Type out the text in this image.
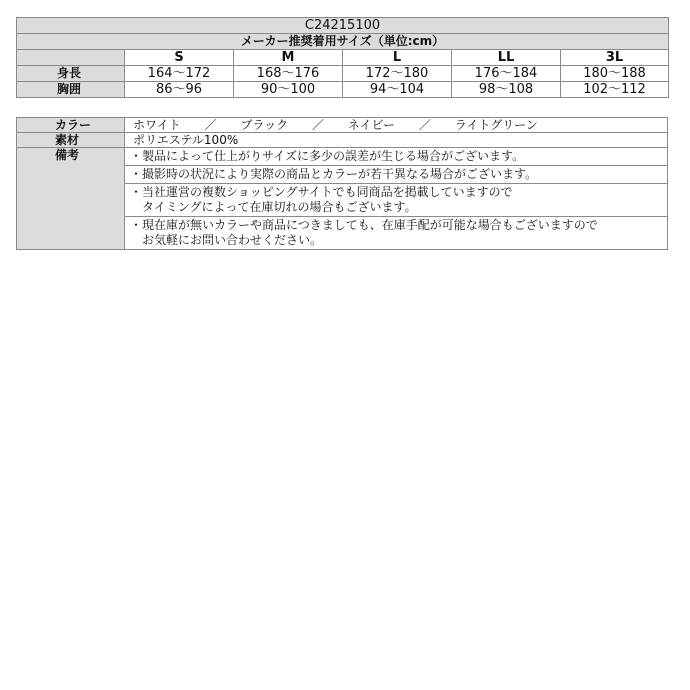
C24215100					
メーカー推奨着用サイズ（単位:cm）					
	S	M	L	LL	3L
身長	164～172	168～176	172～180	176～184	180～188
胸囲	86～96	90～100	94～104	98～108	102～112
カラー	ホワイト ／ ブラック ／ ネイビー ／ ライトグリーン
素材	ポリエステル100%
備考	・製品によって仕上がりサイズに多少の誤差が生じる場合がございます。

	・撮影時の状況により実際の商品とカラーが若干異なる場合がございます。

	・当社運営の複数ショッピングサイトでも同商品を掲載していますので
タイミングによって在庫切れの場合もございます。

	・現在庫が無いカラーや商品につきましても、在庫手配が可能な場合もございますので
お気軽にお問い合わせください。
